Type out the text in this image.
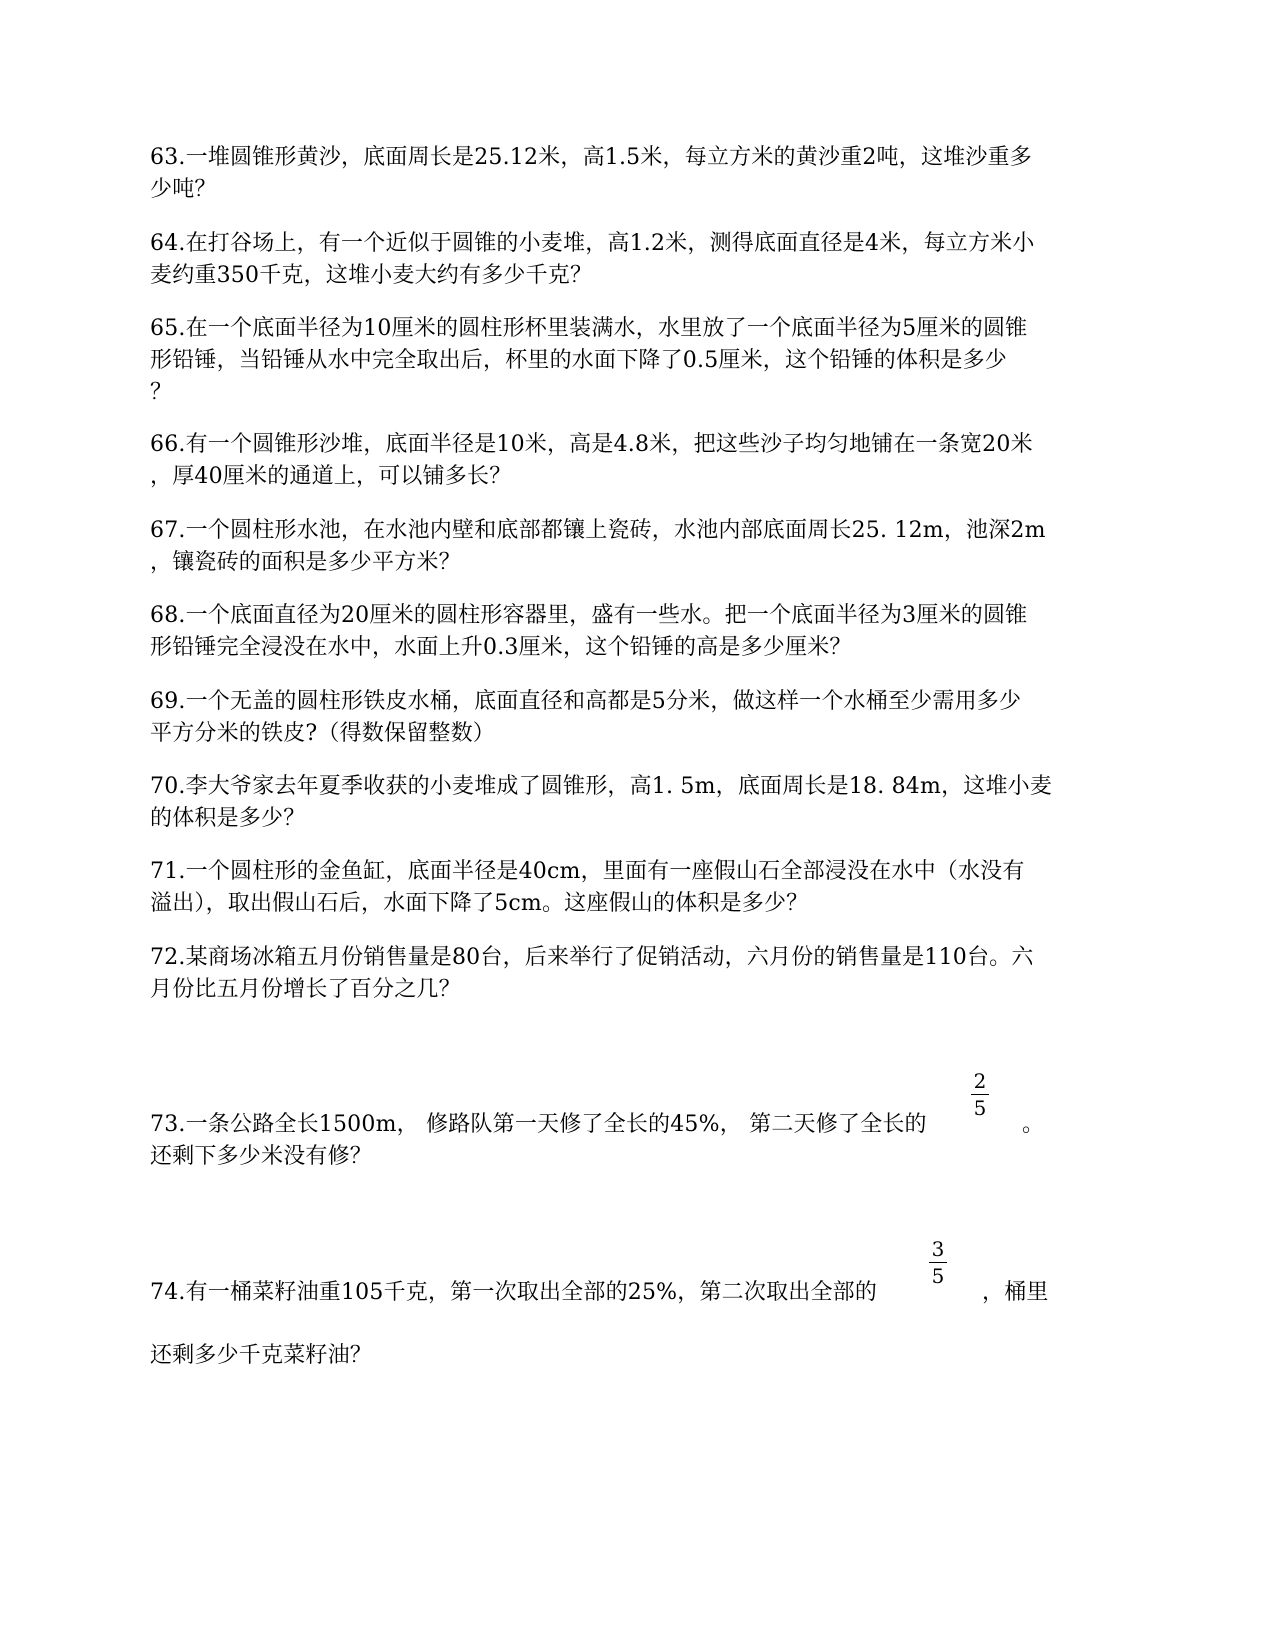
63.一堆圆锥形黄沙，底面周长是25.12米，高1.5米，每立方米的黄沙重2吨，这堆沙重多
少吨？
64.在打谷场上，有一个近似于圆锥的小麦堆，高1.2米，测得底面直径是4米，每立方米小
麦约重350千克，这堆小麦大约有多少千克？
65.在一个底面半径为10厘米的圆柱形杯里装满水，水里放了一个底面半径为5厘米的圆锥
形铅锤，当铅锤从水中完全取出后，杯里的水面下降了0.5厘米，这个铅锤的体积是多少
？
66.有一个圆锥形沙堆，底面半径是10米，高是4.8米，把这些沙子均匀地铺在一条宽20米
，厚40厘米的通道上，可以铺多长？
67.一个圆柱形水池，在水池内壁和底部都镶上瓷砖，水池内部底面周长25. 12m，池深2m
，镶瓷砖的面积是多少平方米？
68.一个底面直径为20厘米的圆柱形容器里，盛有一些水。把一个底面半径为3厘米的圆锥
形铅锤完全浸没在水中，水面上升0.3厘米，这个铅锤的高是多少厘米？
69.一个无盖的圆柱形铁皮水桶，底面直径和高都是5分米，做这样一个水桶至少需用多少
平方分米的铁皮?（得数保留整数）
70.李大爷家去年夏季收获的小麦堆成了圆锥形，高1. 5m，底面周长是18. 84m，这堆小麦
的体积是多少？
71.一个圆柱形的金鱼缸，底面半径是40cm，里面有一座假山石全部浸没在水中（水没有
溢出），取出假山石后，水面下降了5cm。这座假山的体积是多少？
72.某商场冰箱五月份销售量是80台，后来举行了促销活动，六月份的销售量是110台。六
月份比五月份增长了百分之几？
2
5
73.一条公路全长1500m， 修路队第一天修了全长的45%， 第二天修了全长的	。
还剩下多少米没有修？
3
5
74.有一桶菜籽油重105千克，第一次取出全部的25%，第二次取出全部的	，桶里
还剩多少千克菜籽油？
